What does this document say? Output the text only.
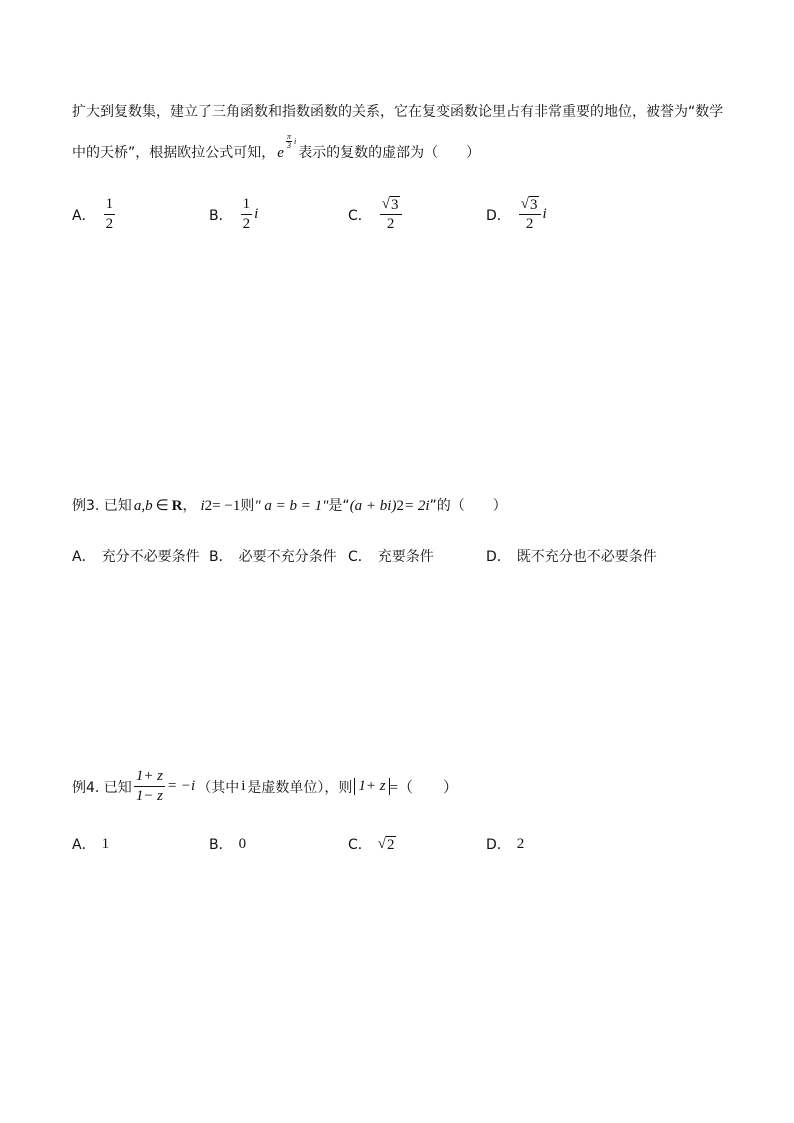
扩大到复数集，建立了三角函数和指数函数的关系，它在复变函数论里占有非常重要的地位，被誉为“数学
中的天桥”，根据欧拉公式可知， e
$\frac{\pi}{3}$ i
表示的复数的虚部为（　　）
A． $\frac{1}{2}$	B． $\frac{1}{2}$ i	C． $\frac{√ 3}{2}$	D． $\frac{√ 3}{2}$ i
例3. 已知 a,b ∈ R ， i 2 = −1 则 " a = b = 1" 是 “ (a + bi) 2 = 2i ”的（　　）
A． 充分不必要条件 B． 必要不充分条件 C． 充要条件	D． 既不充分也不必要条件
例4. 已知 $\frac{1+ z}{1- z} = -i$ （其中 i 是虚数单位），则 1+ z =（　　）
A． 1	B． 0	C． √ 2	D． 2
